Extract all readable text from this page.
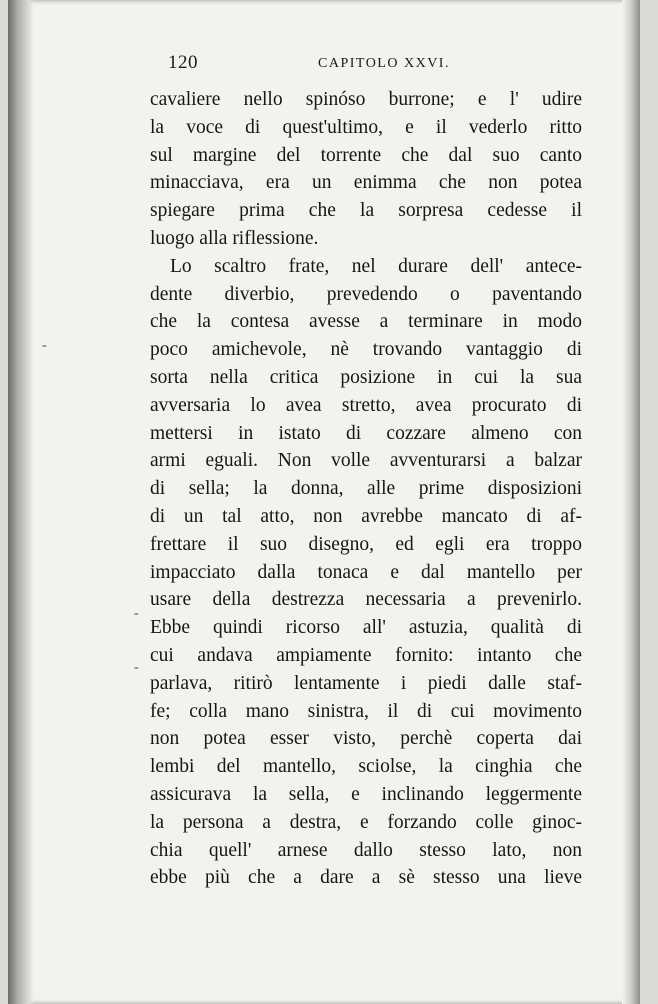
120	CAPITOLO XXVI.
cavaliere nello spinóso burrone; e l' udire
la voce di quest'ultimo, e il vederlo ritto
sul margine del torrente che dal suo canto
minacciava, era un enimma che non potea
spiegare prima che la sorpresa cedesse il
luogo alla riflessione.
Lo scaltro frate, nel durare dell' antece-
dente diverbio, prevedendo o paventando
che la contesa avesse a terminare in modo
poco amichevole, nè trovando vantaggio di
sorta nella critica posizione in cui la sua
avversaria lo avea stretto, avea procurato di
mettersi in istato di cozzare almeno con
armi eguali. Non volle avventurarsi a balzar
di sella; la donna, alle prime disposizioni
di un tal atto, non avrebbe mancato di af-
frettare il suo disegno, ed egli era troppo
impacciato dalla tonaca e dal mantello per
usare della destrezza necessaria a prevenirlo.
Ebbe quindi ricorso all' astuzia, qualità di
cui andava ampiamente fornito: intanto che
parlava, ritirò lentamente i piedi dalle staf-
fe; colla mano sinistra, il di cui movimento
non potea esser visto, perchè coperta dai
lembi del mantello, sciolse, la cinghia che
assicurava la sella, e inclinando leggermente
la persona a destra, e forzando colle ginoc-
chia quell' arnese dallo stesso lato, non
ebbe più che a dare a sè stesso una lieve
-
-
-
